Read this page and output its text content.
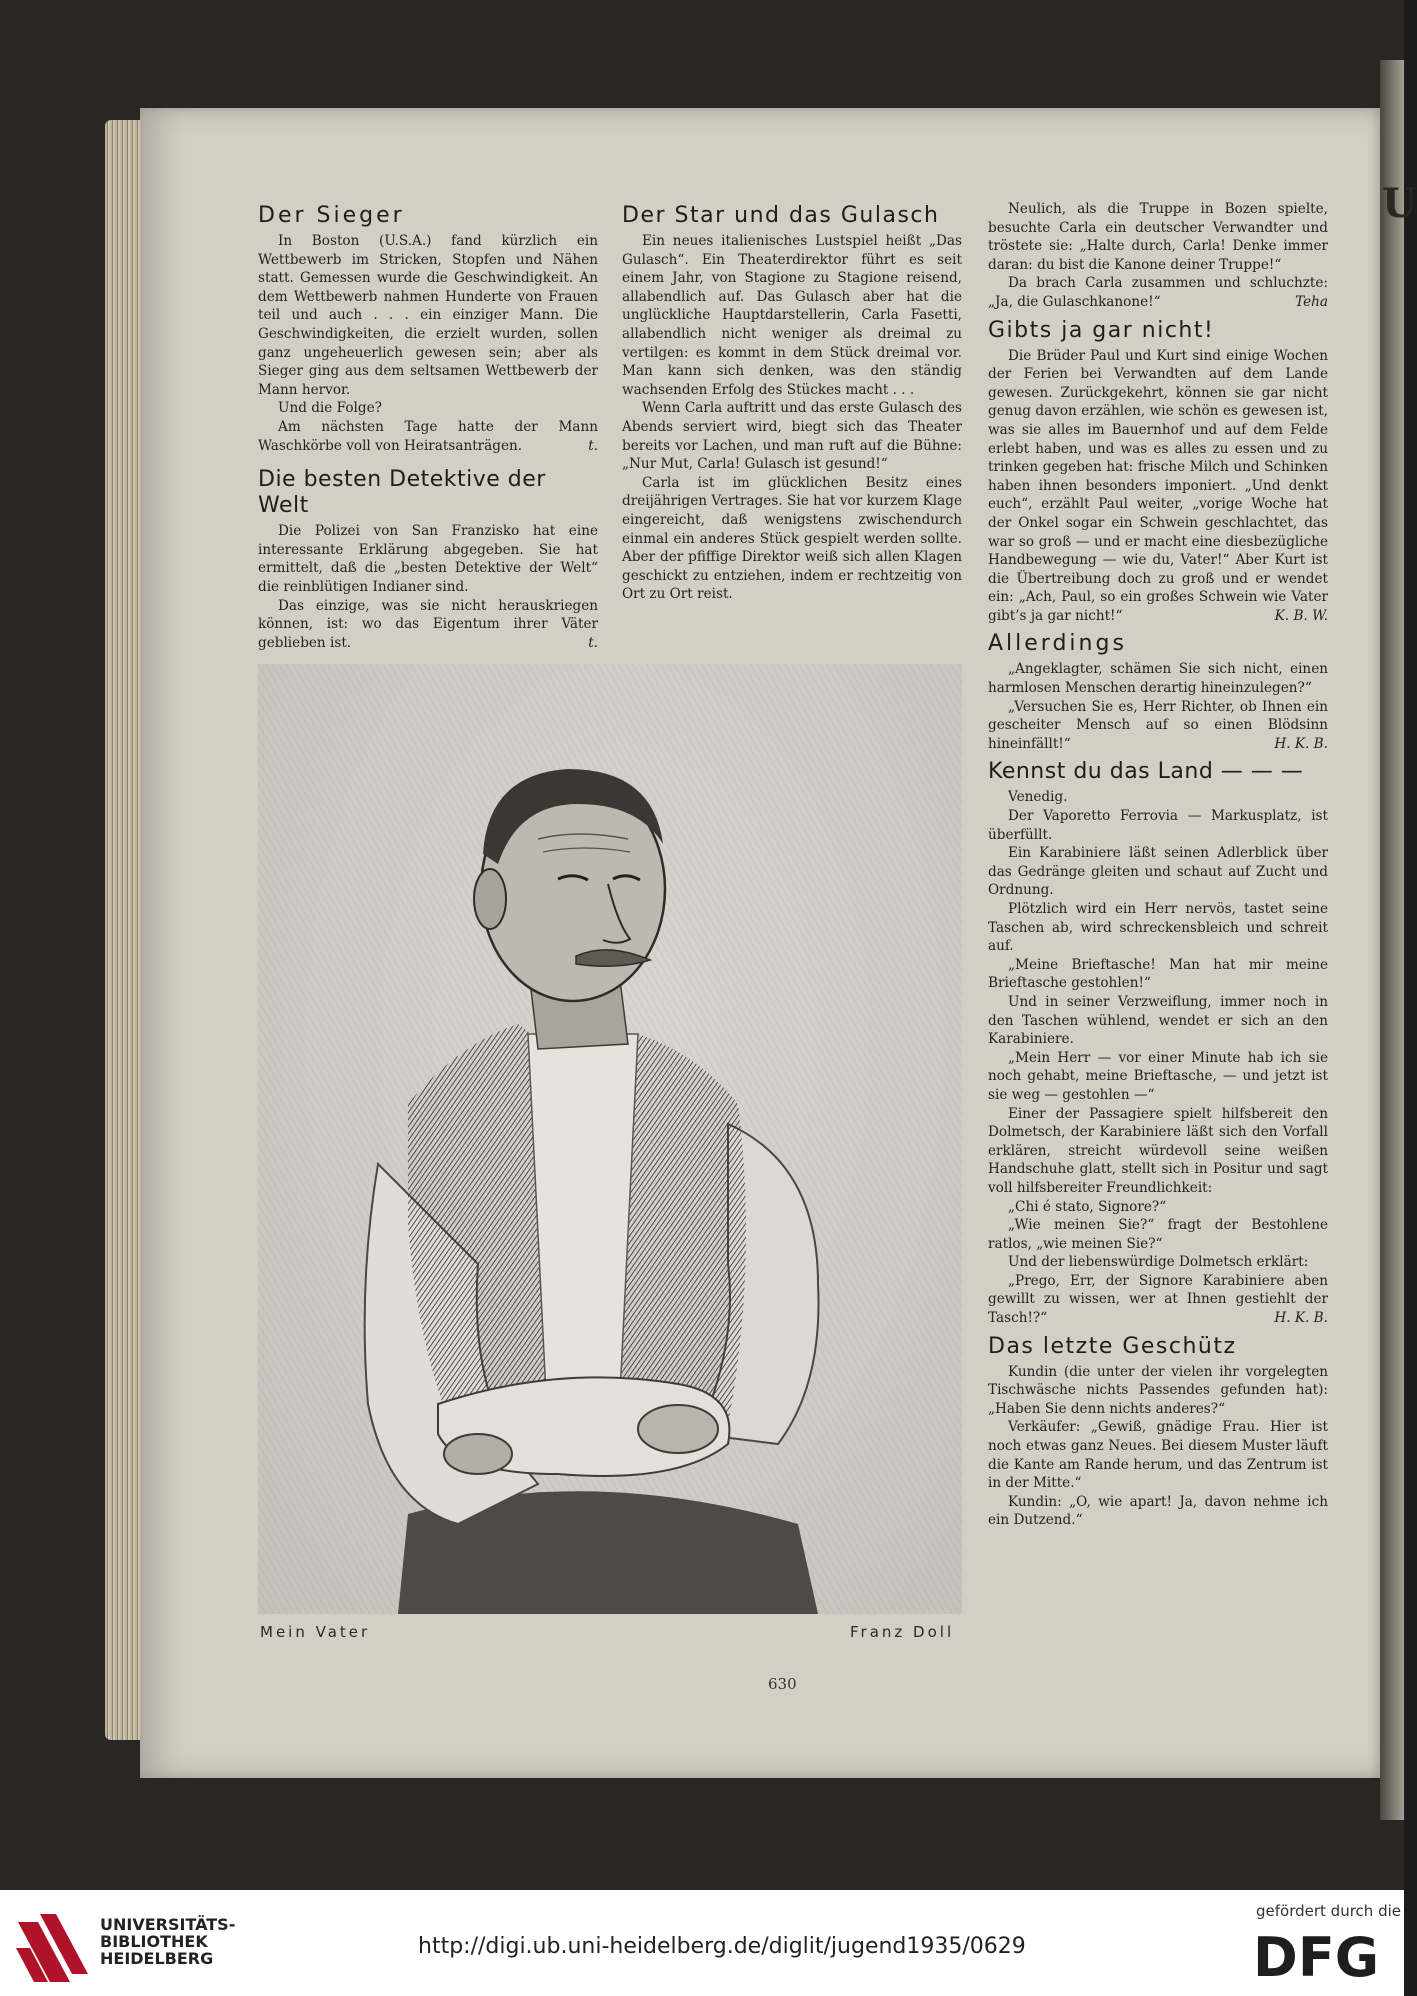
U
Der Sieger

In Boston (U.S.A.) fand kürzlich ein Wettbewerb im Stricken, Stopfen und Nähen statt. Gemessen wurde die Geschwindigkeit. An dem Wettbewerb nahmen Hunderte von Frauen teil und auch . . . ein einziger Mann. Die Geschwindigkeiten, die erzielt wurden, sollen ganz ungeheuerlich gewesen sein; aber als Sieger ging aus dem seltsamen Wettbewerb der Mann hervor.

Und die Folge?

Am nächsten Tage hatte der Mann Waschkörbe voll von Heiratsanträgen.	t.

Die besten Detektive der Welt

Die Polizei von San Franzisko hat eine interessante Erklärung abgegeben. Sie hat ermittelt, daß die „besten Detektive der Welt“ die reinblütigen Indianer sind.

Das einzige, was sie nicht herauskriegen können, ist: wo das Eigentum ihrer Väter geblieben ist.	t.

Der Star und das Gulasch

Ein neues italienisches Lustspiel heißt „Das Gulasch“. Ein Theaterdirektor führt es seit einem Jahr, von Stagione zu Stagione reisend, allabendlich auf. Das Gulasch aber hat die unglückliche Hauptdarstellerin, Carla Fasetti, allabendlich nicht weniger als dreimal zu vertilgen: es kommt in dem Stück dreimal vor. Man kann sich denken, was den ständig wachsenden Erfolg des Stückes macht . . .

Wenn Carla auftritt und das erste Gulasch des Abends serviert wird, biegt sich das Theater bereits vor Lachen, und man ruft auf die Bühne: „Nur Mut, Carla! Gulasch ist gesund!“

Carla ist im glücklichen Besitz eines dreijährigen Vertrages. Sie hat vor kurzem Klage eingereicht, daß wenigstens zwischendurch einmal ein anderes Stück gespielt werden sollte. Aber der pfiffige Direktor weiß sich allen Klagen geschickt zu entziehen, indem er rechtzeitig von Ort zu Ort reist.

Neulich, als die Truppe in Bozen spielte, besuchte Carla ein deutscher Verwandter und tröstete sie: „Halte durch, Carla! Denke immer daran: du bist die Kanone deiner Truppe!“

Da brach Carla zusammen und schluchzte: „Ja, die Gulaschkanone!“	Teha

Gibts ja gar nicht!

Die Brüder Paul und Kurt sind einige Wochen der Ferien bei Verwandten auf dem Lande gewesen. Zurückgekehrt, können sie gar nicht genug davon erzählen, wie schön es gewesen ist, was sie alles im Bauernhof und auf dem Felde erlebt haben, und was es alles zu essen und zu trinken gegeben hat: frische Milch und Schinken haben ihnen besonders imponiert. „Und denkt euch“, erzählt Paul weiter, „vorige Woche hat der Onkel sogar ein Schwein geschlachtet, das war so groß — und er macht eine diesbezügliche Handbewegung — wie du, Vater!“ Aber Kurt ist die Übertreibung doch zu groß und er wendet ein: „Ach, Paul, so ein großes Schwein wie Vater gibt’s ja gar nicht!“	K. B. W.

Allerdings

„Angeklagter, schämen Sie sich nicht, einen harmlosen Menschen derartig hineinzulegen?“

„Versuchen Sie es, Herr Richter, ob Ihnen ein gescheiter Mensch auf so einen Blödsinn hineinfällt!“	H. K. B.

Kennst du das Land — — —

Venedig.

Der Vaporetto Ferrovia — Markusplatz, ist überfüllt.

Ein Karabiniere läßt seinen Adlerblick über das Gedränge gleiten und schaut auf Zucht und Ordnung.

Plötzlich wird ein Herr nervös, tastet seine Taschen ab, wird schreckensbleich und schreit auf.

„Meine Brieftasche! Man hat mir meine Brieftasche gestohlen!“

Und in seiner Verzweiflung, immer noch in den Taschen wühlend, wendet er sich an den Karabiniere.

„Mein Herr — vor einer Minute hab ich sie noch gehabt, meine Brieftasche, — und jetzt ist sie weg — gestohlen —“

Einer der Passagiere spielt hilfsbereit den Dolmetsch, der Karabiniere läßt sich den Vorfall erklären, streicht würdevoll seine weißen Handschuhe glatt, stellt sich in Positur und sagt voll hilfsbereiter Freundlichkeit:

„Chi é stato, Signore?“

„Wie meinen Sie?“ fragt der Bestohlene ratlos, „wie meinen Sie?“

Und der liebenswürdige Dolmetsch erklärt:

„Prego, Err, der Signore Karabiniere aben gewillt zu wissen, wer at Ihnen gestiehlt der Tasch!?“	H. K. B.

Das letzte Geschütz

Kundin (die unter der vielen ihr vorgelegten Tischwäsche nichts Passendes gefunden hat): „Haben Sie denn nichts anderes?“

Verkäufer: „Gewiß, gnädige Frau. Hier ist noch etwas ganz Neues. Bei diesem Muster läuft die Kante am Rande herum, und das Zentrum ist in der Mitte.“

Kundin: „O, wie apart! Ja, davon nehme ich ein Dutzend.“

Mein Vater	Franz Doll
630
UNIVERSITÄTS-
BIBLIOTHEK
HEIDELBERG	http://digi.ub.uni-heidelberg.de/diglit/jugend1935/0629
gefördert durch die
DFG
